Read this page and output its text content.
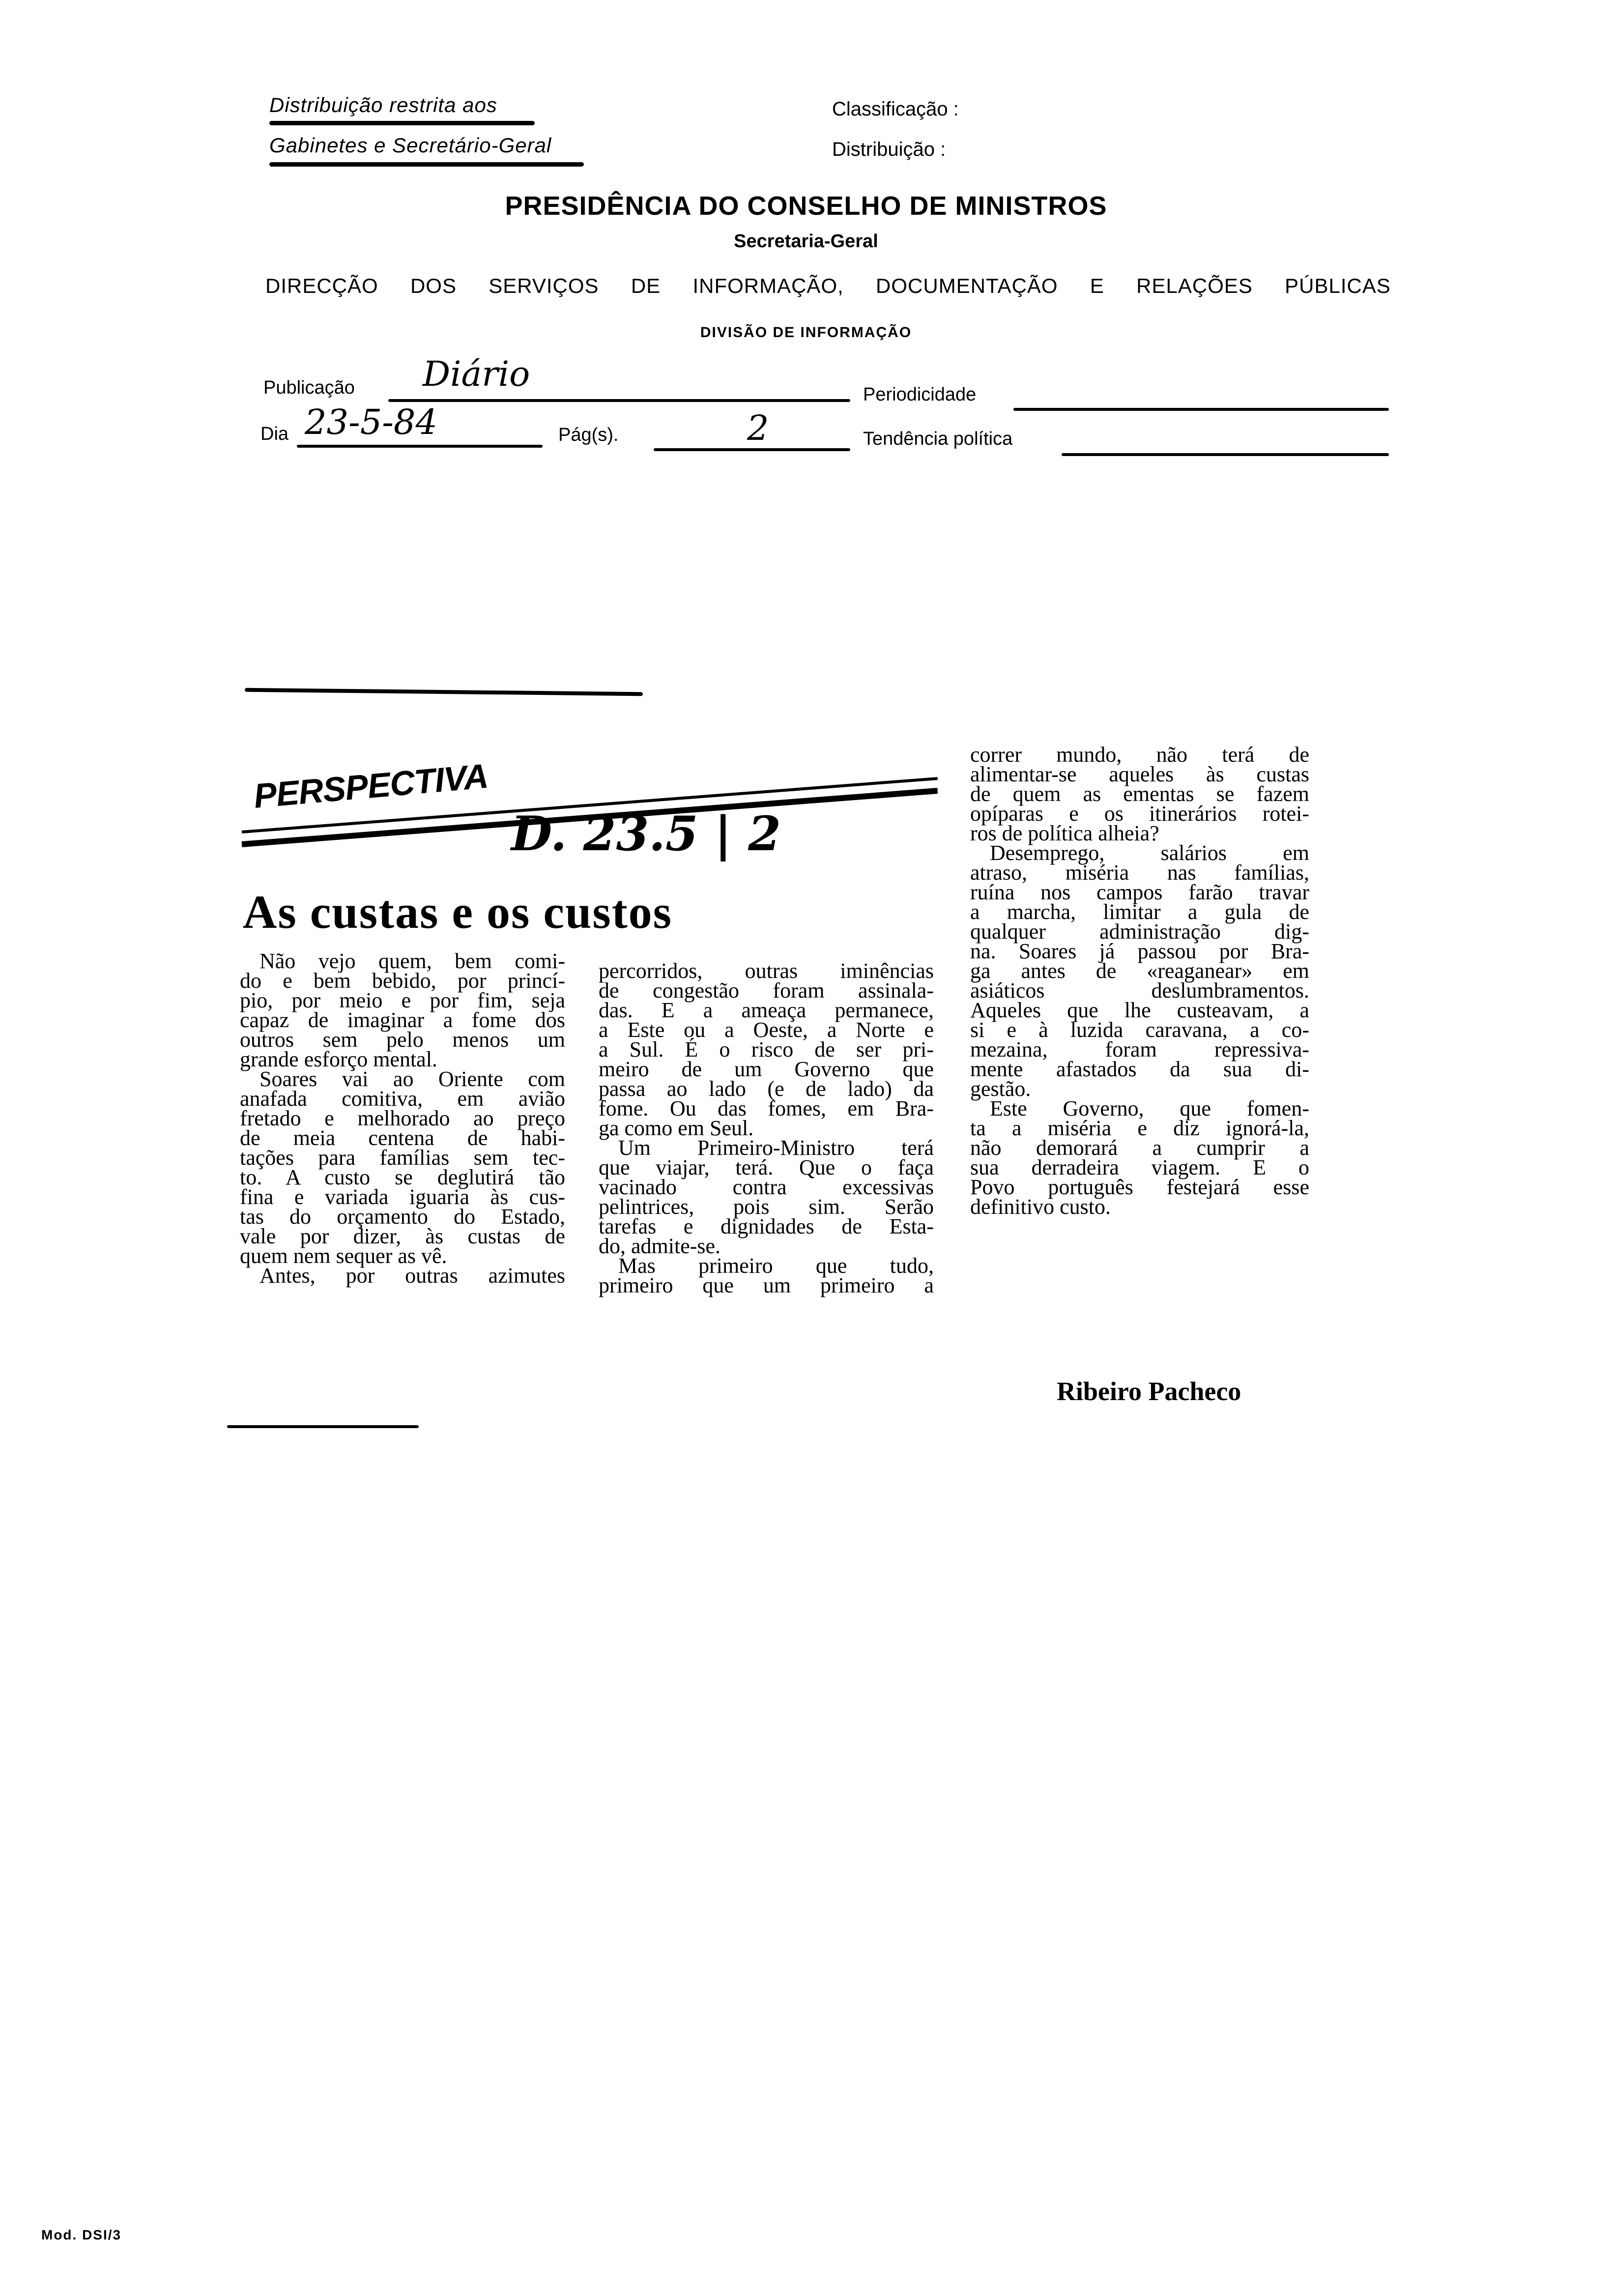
Distribuição restrita aos
Gabinetes e Secretário-Geral
Classificação :
Distribuição :
PRESIDÊNCIA DO CONSELHO DE MINISTROS
Secretaria-Geral
DIRECÇÃO DOS SERVIÇOS DE INFORMAÇÃO, DOCUMENTAÇÃO E RELAÇÕES PÚBLICAS
DIVISÃO DE INFORMAÇÃO
Publicação Diário
Periodicidade
Dia 23-5-84	Pág(s).	2	Tendência política
PERSPECTIVA
D. 23.5 | 2
As custas e os custos

Não vejo quem, bem comi-
do e bem bebido, por princí-
pio, por meio e por fim, seja
capaz de imaginar a fome dos
outros sem pelo menos um
grande esforço mental.

Soares vai ao Oriente com
anafada comitiva, em avião
fretado e melhorado ao preço
de meia centena de habi-
tações para famílias sem tec-
to. A custo se deglutirá tão
fina e variada iguaria às cus-
tas do orçamento do Estado,
vale por dizer, às custas de
quem nem sequer as vê.

Antes, por outras azimutes

percorridos, outras iminências
de congestão foram assinala-
das. E a ameaça permanece,
a Este ou a Oeste, a Norte e
a Sul. É o risco de ser pri-
meiro de um Governo que
passa ao lado (e de lado) da
fome. Ou das fomes, em Bra-
ga como em Seul.

Um Primeiro-Ministro terá
que viajar, terá. Que o faça
vacinado contra excessivas
pelintrices, pois sim. Serão
tarefas e dignidades de Esta-
do, admite-se.

Mas primeiro que tudo,
primeiro que um primeiro a

correr mundo, não terá de
alimentar-se aqueles às custas
de quem as ementas se fazem
opíparas e os itinerários rotei-
ros de política alheia?

Desemprego, salários em
atraso, miséria nas famílias,
ruína nos campos farão travar
a marcha, limitar a gula de
qualquer administração dig-
na. Soares já passou por Bra-
ga antes de «reaganear» em
asiáticos deslumbramentos.
Aqueles que lhe custeavam, a
si e à luzida caravana, a co-
mezaina, foram repressiva-
mente afastados da sua di-
gestão.

Este Governo, que fomen-
ta a miséria e diz ignorá-la,
não demorará a cumprir a
sua derradeira viagem. E o
Povo português festejará esse
definitivo custo.

Ribeiro Pacheco
Mod. DSI/3
